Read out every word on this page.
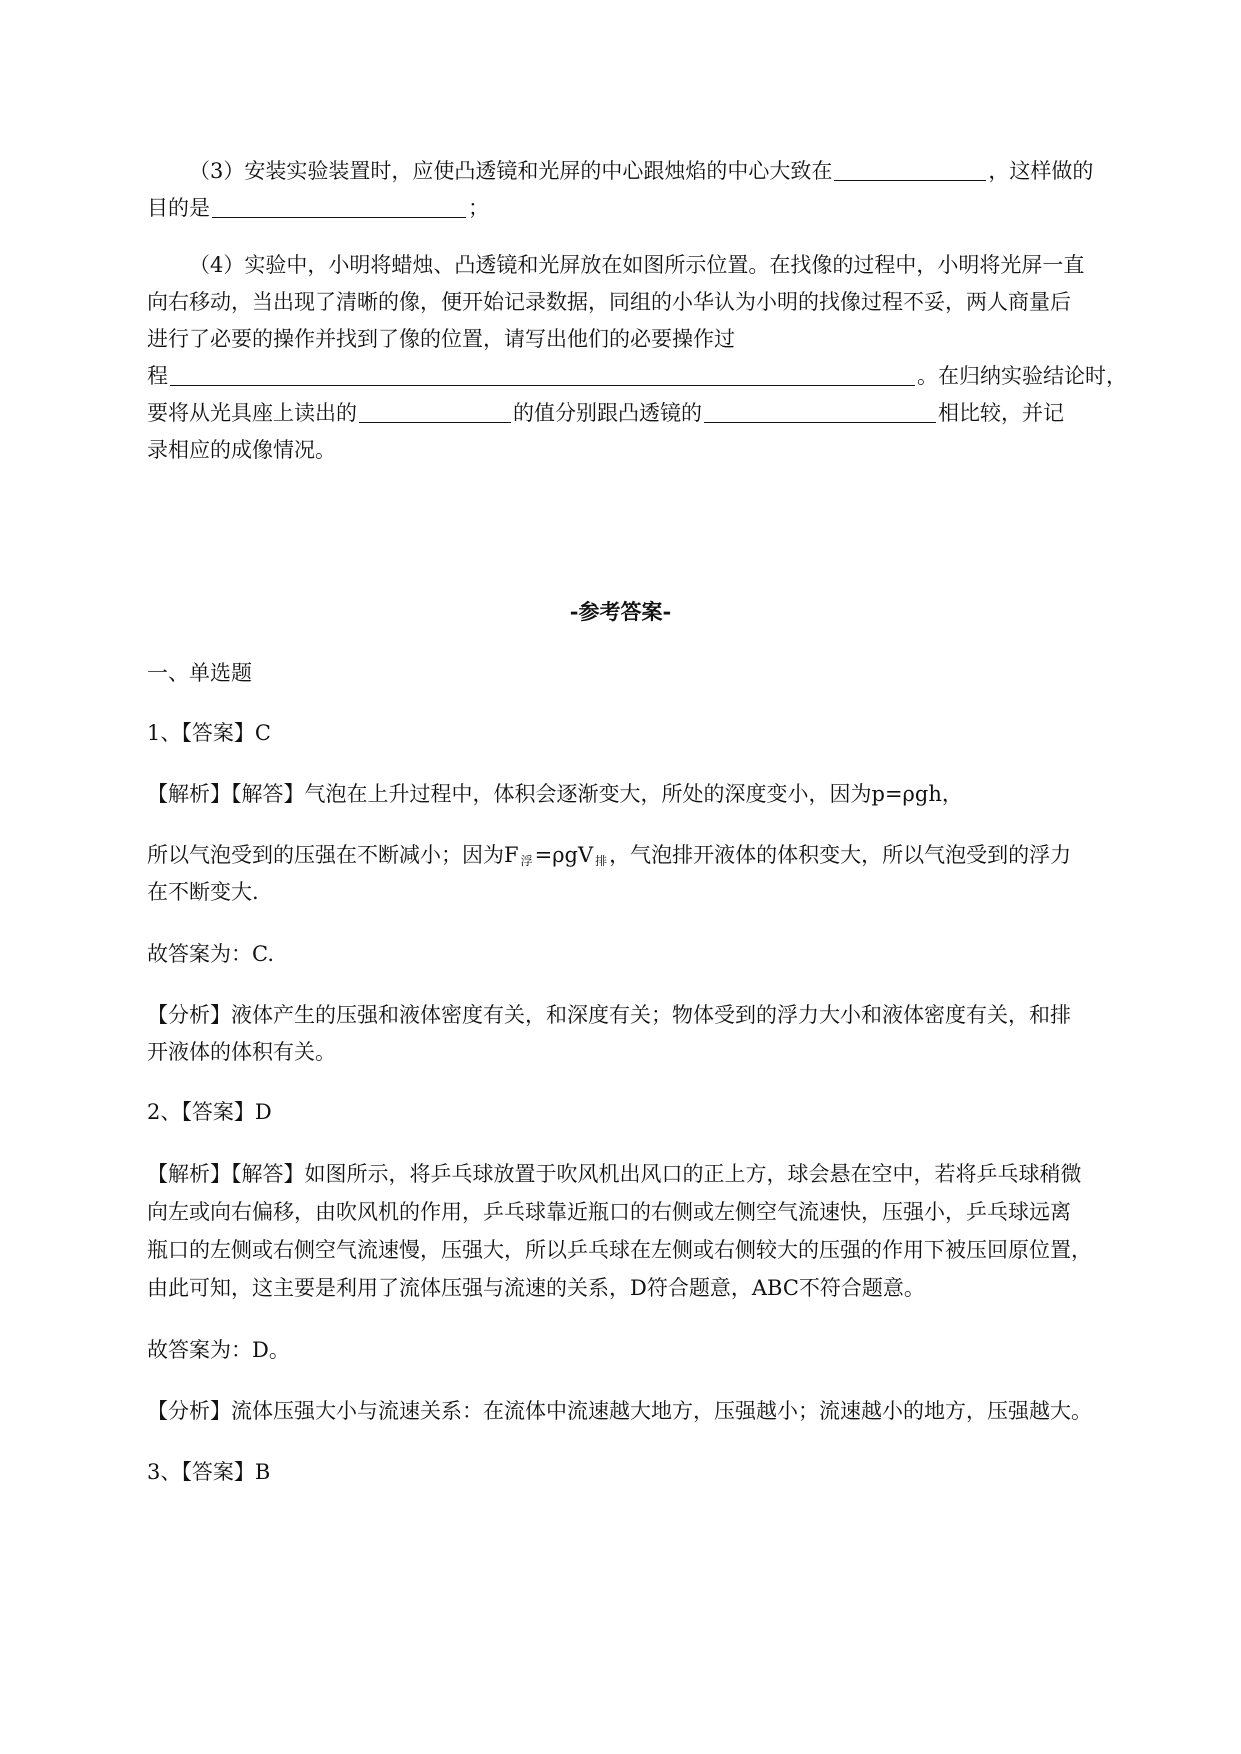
（3）安装实验装置时，应使凸透镜和光屏的中心跟烛焰的中心大致在	，这样做的
目的是	；
（4）实验中，小明将蜡烛、凸透镜和光屏放在如图所示位置。在找像的过程中，小明将光屏一直
向右移动，当出现了清晰的像，便开始记录数据，同组的小华认为小明的找像过程不妥，两人商量后
进行了必要的操作并找到了像的位置，请写出他们的必要操作过
程	。在归纳实验结论时，
要将从光具座上读出的	的值分别跟凸透镜的	相比较，并记
录相应的成像情况。
-参考答案-
一、单选题
1、【答案】C
【解析】【解答】气泡在上升过程中，体积会逐渐变大，所处的深度变小，因为p=ρgh，
所以气泡受到的压强在不断减小；因为F $_浮$=ρgV $_排$，气泡排开液体的体积变大，所以气泡受到的浮力
在不断变大.
故答案为：C.
【分析】液体产生的压强和液体密度有关，和深度有关；物体受到的浮力大小和液体密度有关，和排
开液体的体积有关。
2、【答案】D
【解析】【解答】如图所示，将乒乓球放置于吹风机出风口的正上方，球会悬在空中，若将乒乓球稍微
向左或向右偏移，由吹风机的作用，乒乓球靠近瓶口的右侧或左侧空气流速快，压强小，乒乓球远离
瓶口的左侧或右侧空气流速慢，压强大，所以乒乓球在左侧或右侧较大的压强的作用下被压回原位置，
由此可知，这主要是利用了流体压强与流速的关系，D符合题意，ABC不符合题意。
故答案为：D。
【分析】流体压强大小与流速关系：在流体中流速越大地方，压强越小；流速越小的地方，压强越大。
3、【答案】B
